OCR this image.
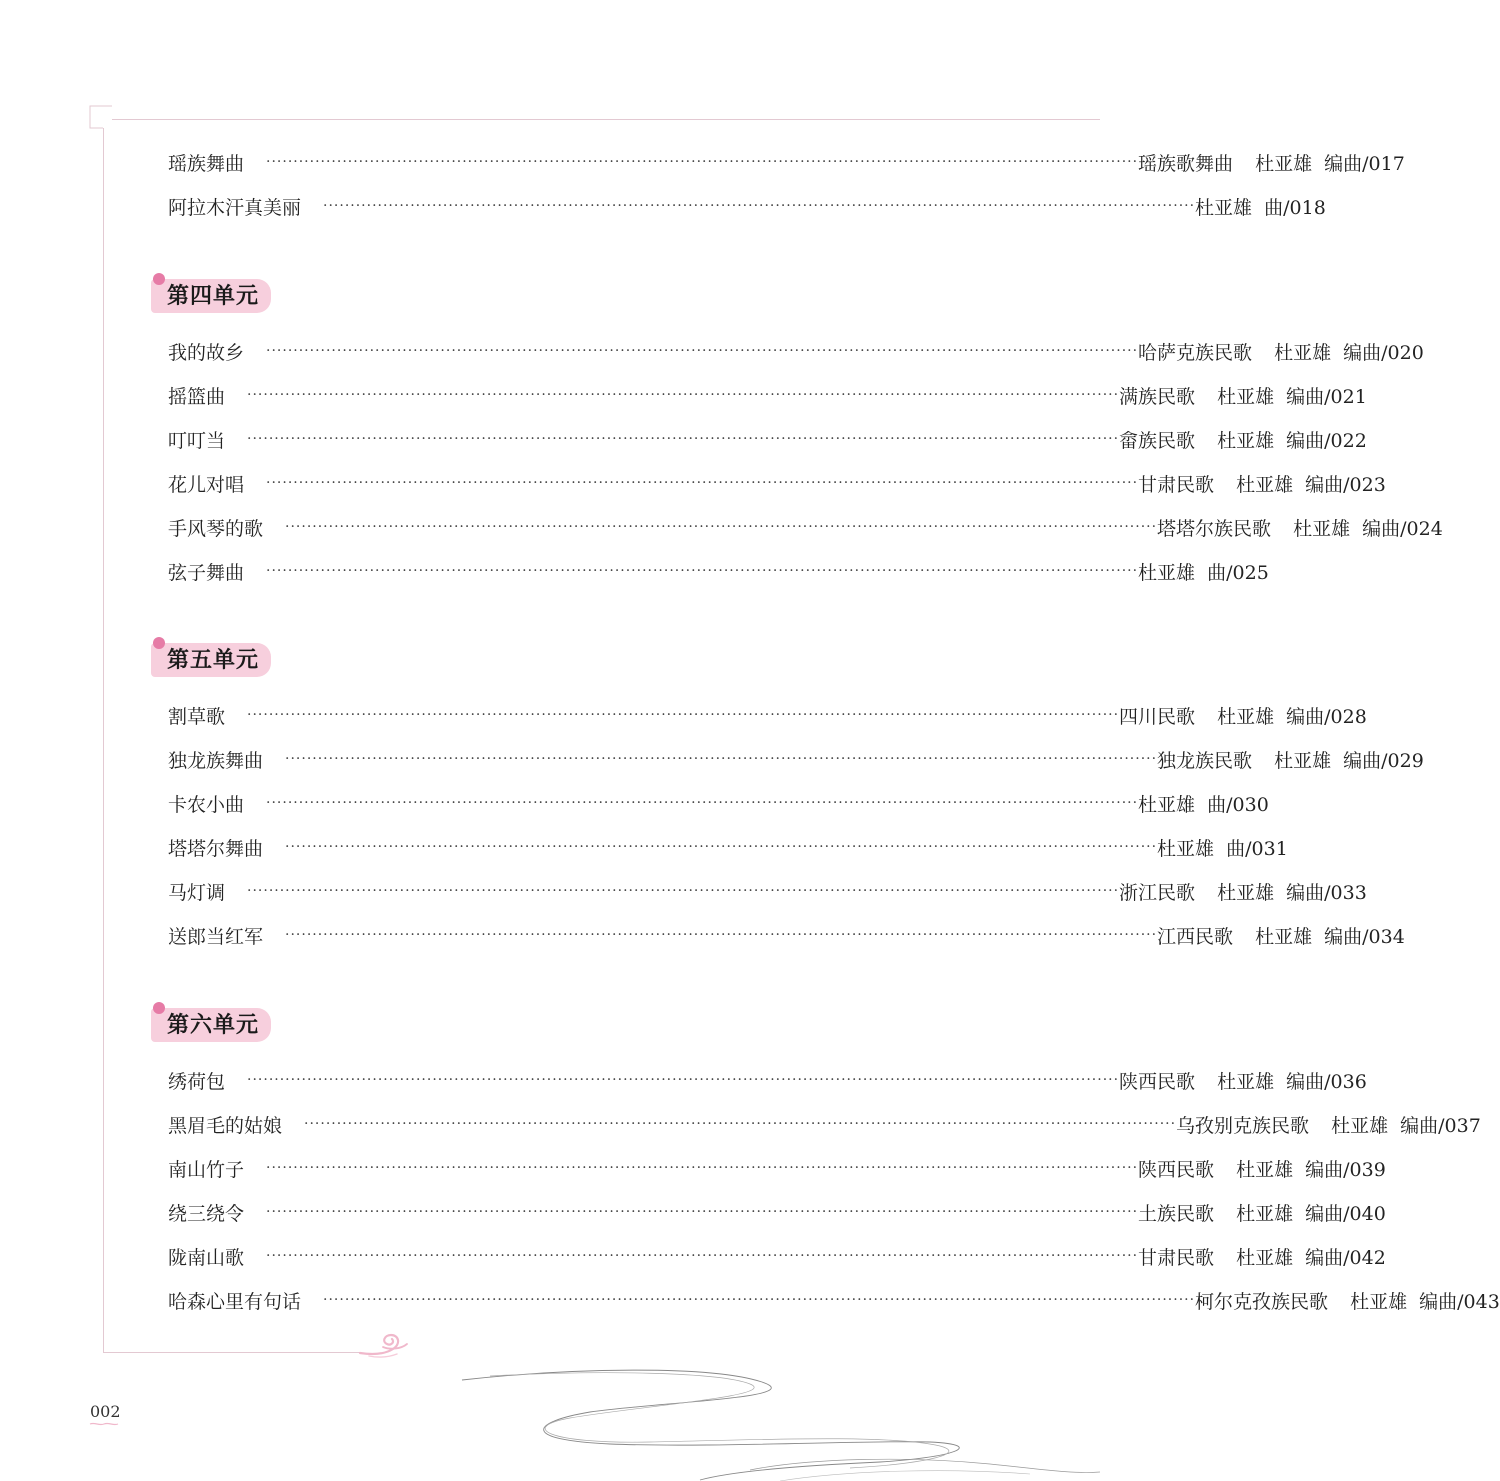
瑶族舞曲	································································································································································ 瑶族歌舞曲 杜亚雄  编曲/017
阿拉木汗真美丽	································································································································································ 杜亚雄  曲/018
第四单元
我的故乡	································································································································································ 哈萨克族民歌 杜亚雄  编曲/020
摇篮曲	································································································································································ 满族民歌 杜亚雄  编曲/021
叮叮当	································································································································································ 畲族民歌 杜亚雄  编曲/022
花儿对唱	································································································································································ 甘肃民歌 杜亚雄  编曲/023
手风琴的歌	································································································································································ 塔塔尔族民歌 杜亚雄  编曲/024
弦子舞曲	································································································································································ 杜亚雄  曲/025
第五单元
割草歌	································································································································································ 四川民歌 杜亚雄  编曲/028
独龙族舞曲	································································································································································ 独龙族民歌 杜亚雄  编曲/029
卡农小曲	································································································································································ 杜亚雄  曲/030
塔塔尔舞曲	································································································································································ 杜亚雄  曲/031
马灯调	································································································································································ 浙江民歌 杜亚雄  编曲/033
送郎当红军	································································································································································ 江西民歌 杜亚雄  编曲/034
第六单元
绣荷包	································································································································································ 陕西民歌 杜亚雄  编曲/036
黑眉毛的姑娘	································································································································································ 乌孜别克族民歌 杜亚雄  编曲/037
南山竹子	································································································································································ 陕西民歌 杜亚雄  编曲/039
绕三绕令	································································································································································ 土族民歌 杜亚雄  编曲/040
陇南山歌	································································································································································ 甘肃民歌 杜亚雄  编曲/042
哈森心里有句话	································································································································································ 柯尔克孜族民歌 杜亚雄  编曲/043
002
